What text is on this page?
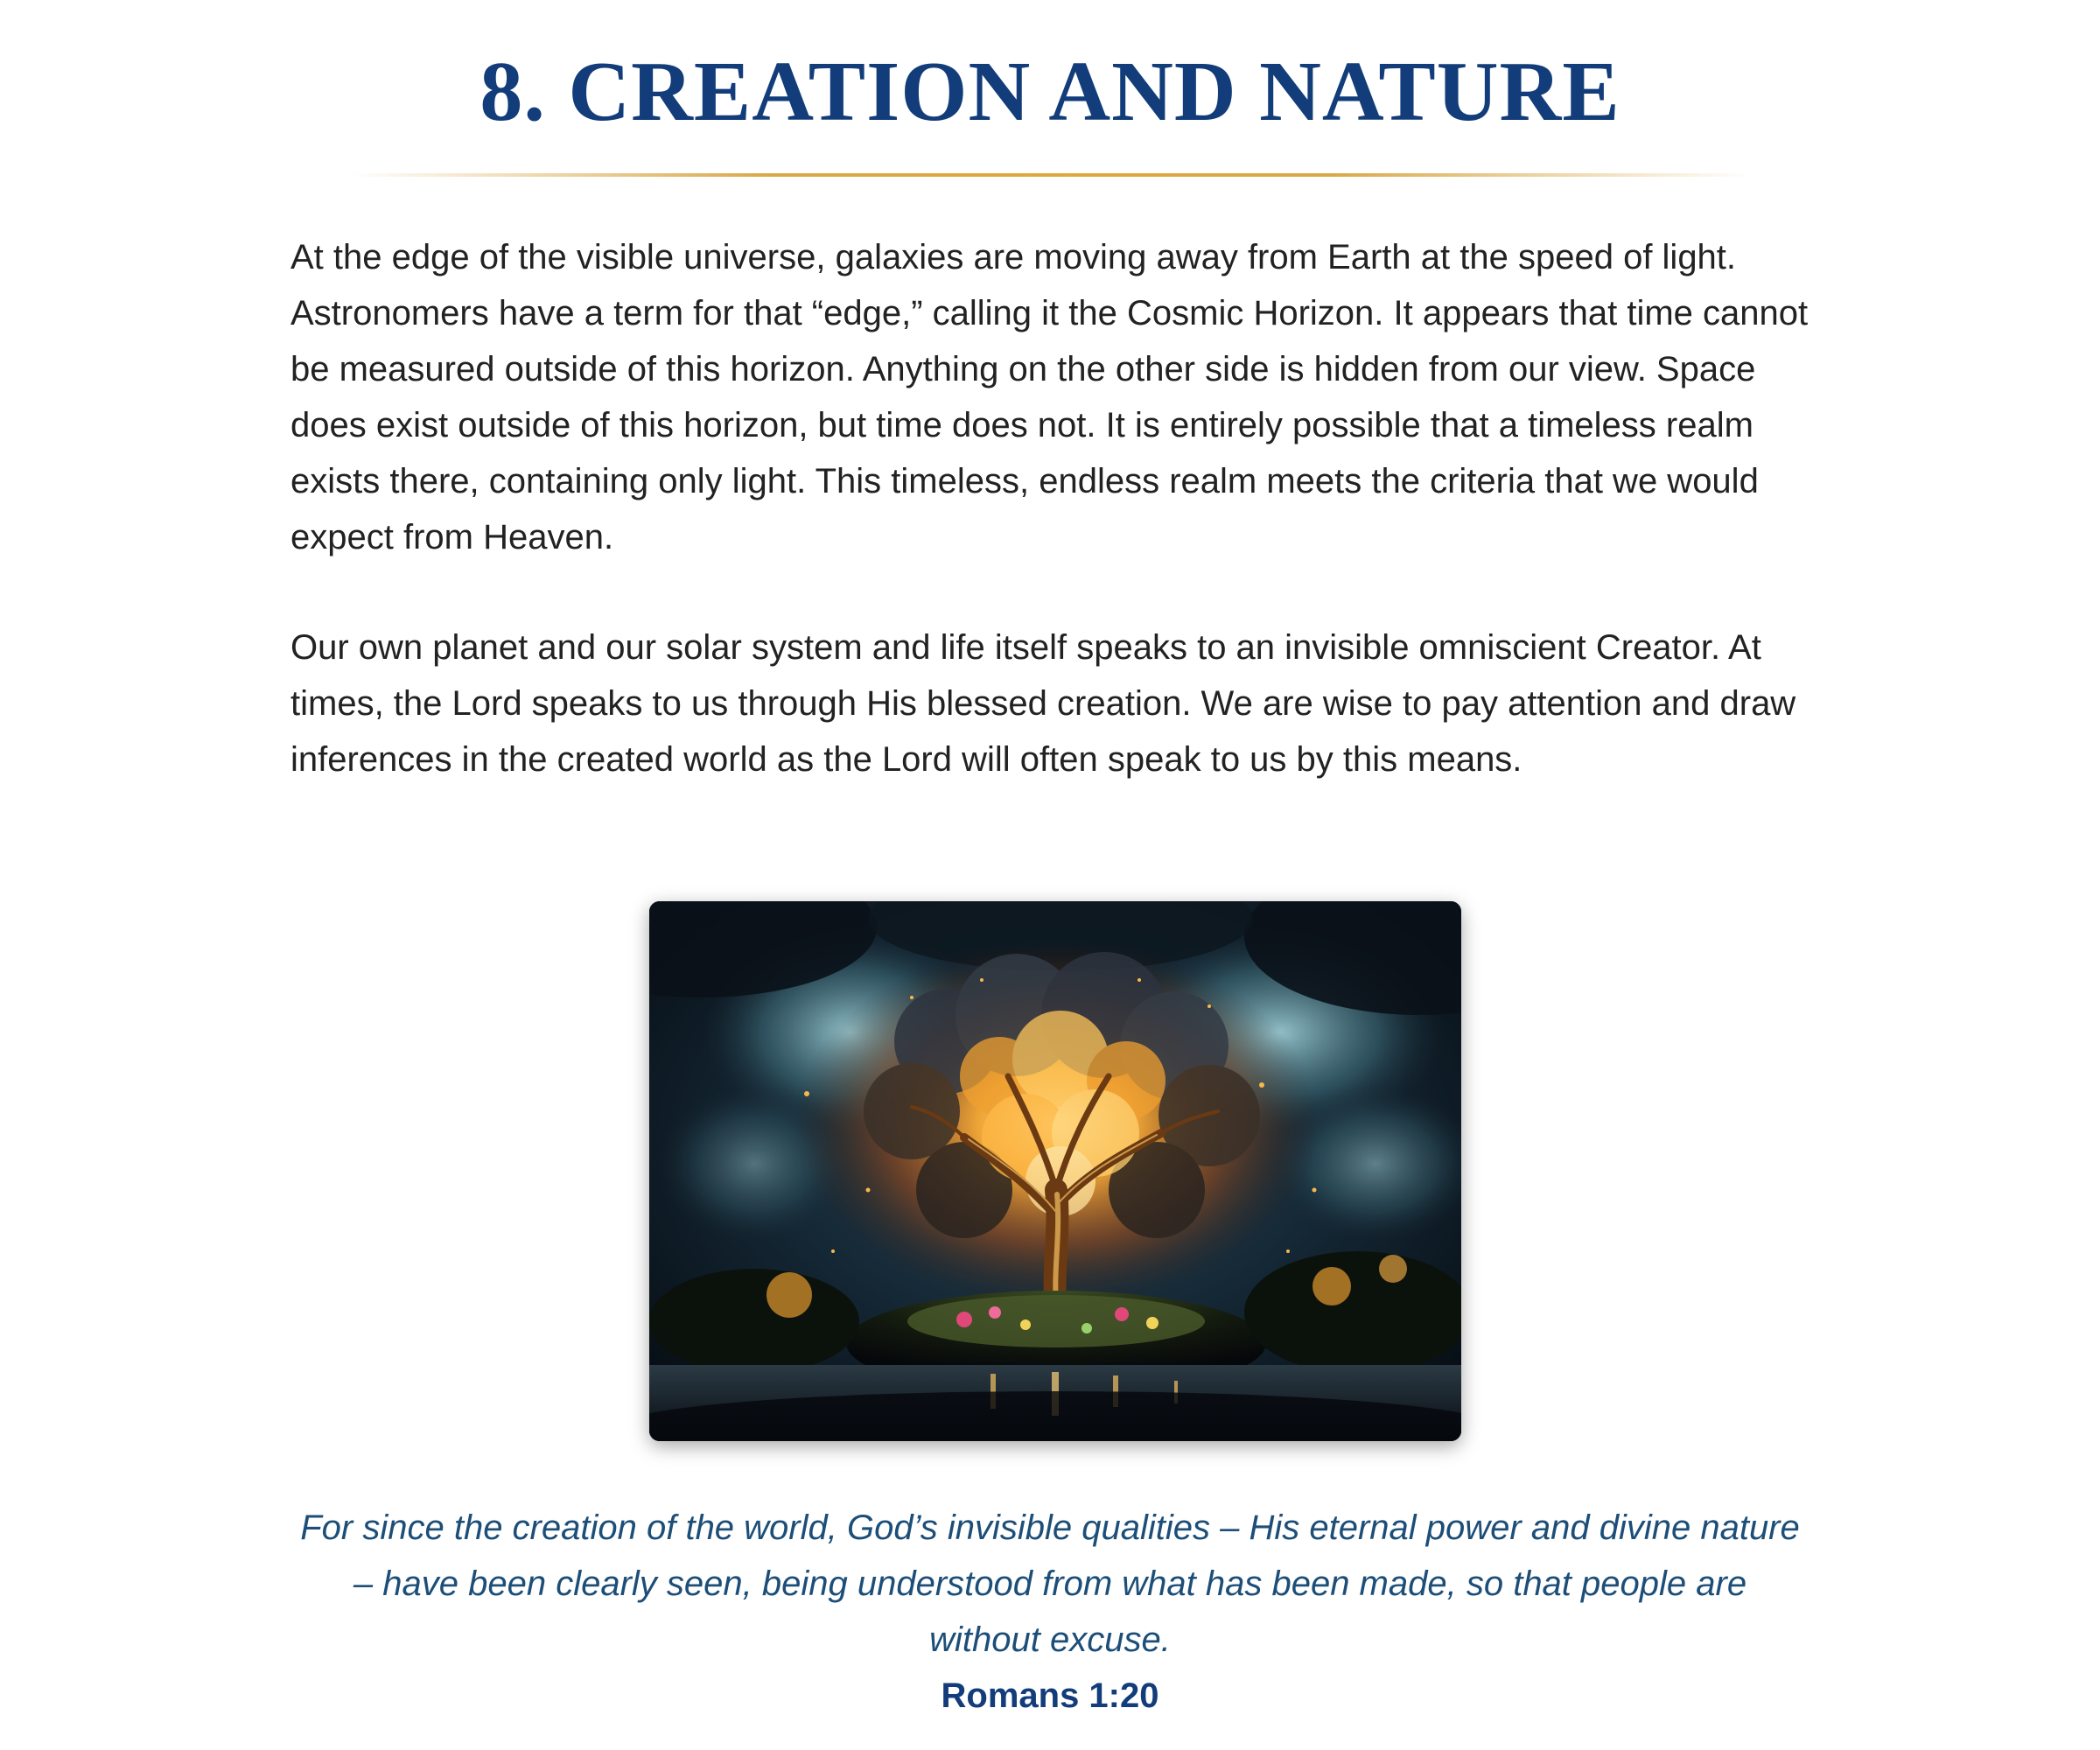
8. CREATION AND NATURE

At the edge of the visible universe, galaxies are moving away from Earth at the speed of light. Astronomers have a term for that “edge,” calling it the Cosmic Horizon. It appears that time cannot be measured outside of this horizon. Anything on the other side is hidden from our view. Space does exist outside of this horizon, but time does not. It is entirely possible that a timeless realm exists there, containing only light. This timeless, endless realm meets the criteria that we would expect from Heaven.

Our own planet and our solar system and life itself speaks to an invisible omniscient Creator. At times, the Lord speaks to us through His blessed creation. We are wise to pay attention and draw inferences in the created world as the Lord will often speak to us by this means.

For since the creation of the world, God’s invisible qualities – His eternal power and divine nature – have been clearly seen, being understood from what has been made, so that people are without excuse.

Romans 1:20
